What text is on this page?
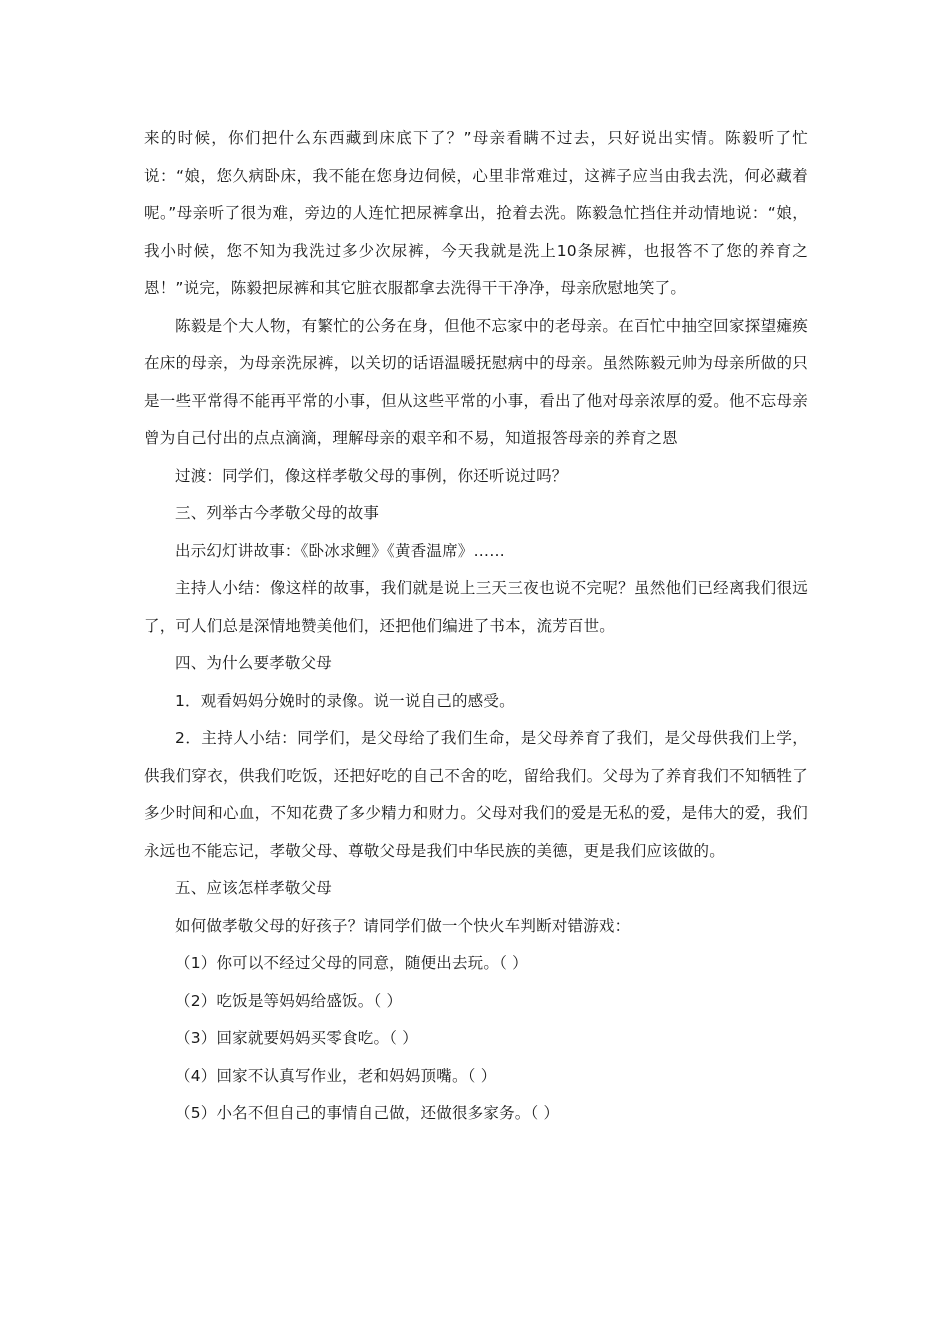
来的时候，你们把什么东西藏到床底下了？”母亲看瞒不过去，只好说出实情。陈毅听了忙说：“娘，您久病卧床，我不能在您身边伺候，心里非常难过，这裤子应当由我去洗，何必藏着呢。”母亲听了很为难，旁边的人连忙把尿裤拿出，抢着去洗。陈毅急忙挡住并动情地说：“娘，我小时候，您不知为我洗过多少次尿裤，今天我就是洗上10条尿裤，也报答不了您的养育之恩！”说完，陈毅把尿裤和其它脏衣服都拿去洗得干干净净，母亲欣慰地笑了。

陈毅是个大人物，有繁忙的公务在身，但他不忘家中的老母亲。在百忙中抽空回家探望瘫痪在床的母亲，为母亲洗尿裤，以关切的话语温暖抚慰病中的母亲。虽然陈毅元帅为母亲所做的只是一些平常得不能再平常的小事，但从这些平常的小事，看出了他对母亲浓厚的爱。他不忘母亲曾为自己付出的点点滴滴，理解母亲的艰辛和不易，知道报答母亲的养育之恩

过渡：同学们，像这样孝敬父母的事例，你还听说过吗？

三、列举古今孝敬父母的故事

出示幻灯讲故事：《卧冰求鲤》《黄香温席》……

主持人小结：像这样的故事，我们就是说上三天三夜也说不完呢？虽然他们已经离我们很远了，可人们总是深情地赞美他们，还把他们编进了书本，流芳百世。

四、为什么要孝敬父母

1．观看妈妈分娩时的录像。说一说自己的感受。

2．主持人小结：同学们，是父母给了我们生命，是父母养育了我们，是父母供我们上学，供我们穿衣，供我们吃饭，还把好吃的自己不舍的吃，留给我们。父母为了养育我们不知牺牲了多少时间和心血，不知花费了多少精力和财力。父母对我们的爱是无私的爱，是伟大的爱，我们永远也不能忘记，孝敬父母、尊敬父母是我们中华民族的美德，更是我们应该做的。

五、应该怎样孝敬父母

如何做孝敬父母的好孩子？请同学们做一个快火车判断对错游戏：

（1）你可以不经过父母的同意，随便出去玩。（ ）

（2）吃饭是等妈妈给盛饭。（ ）

（3）回家就要妈妈买零食吃。（ ）

（4）回家不认真写作业，老和妈妈顶嘴。（ ）

（5）小名不但自己的事情自己做，还做很多家务。（ ）
